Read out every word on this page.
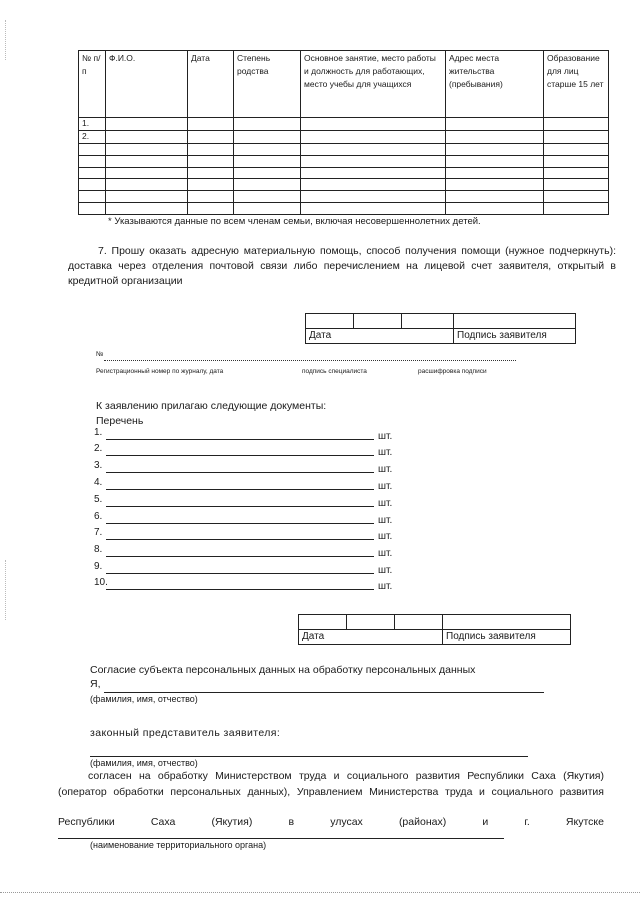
№ п/п	Ф.И.О.	Дата	Степень родства	Основное занятие, место работы и должность для работающих, место учебы для учащихся	Адрес места жительства (пребывания)	Образование для лиц старше 15 лет
1.						
2.						

* Указываются данные по всем членам семьи, включая несовершеннолетних детей.
7. Прошу оказать адресную материальную помощь, способ получения помощи (нужное подчеркнуть): доставка через отделения почтовой связи либо перечислением на лицевой счет заявителя, открытый в кредитной организации

Дата			Подпись заявителя
№
Регистрационный номер по журналу, дата	подпись специалиста	расшифровка подписи
К заявлению прилагаю следующие документы:
Перечень
1.	шт.
2.	шт.
3.	шт.
4.	шт.
5.	шт.
6.	шт.
7.	шт.
8.	шт.
9.	шт.
10.	шт.

Дата			Подпись заявителя
Согласие субъекта персональных данных на обработку персональных данных
Я,
(фамилия, имя, отчество)
законный представитель заявителя:
(фамилия, имя, отчество)
согласен на обработку Министерством труда и социального развития Республики Саха (Якутия) (оператор обработки персональных данных), Управлением Министерства труда и социального развития
Республики	Саха	(Якутия)	в	улусах	(районах)	и	г.	Якутске
(наименование территориального органа)
